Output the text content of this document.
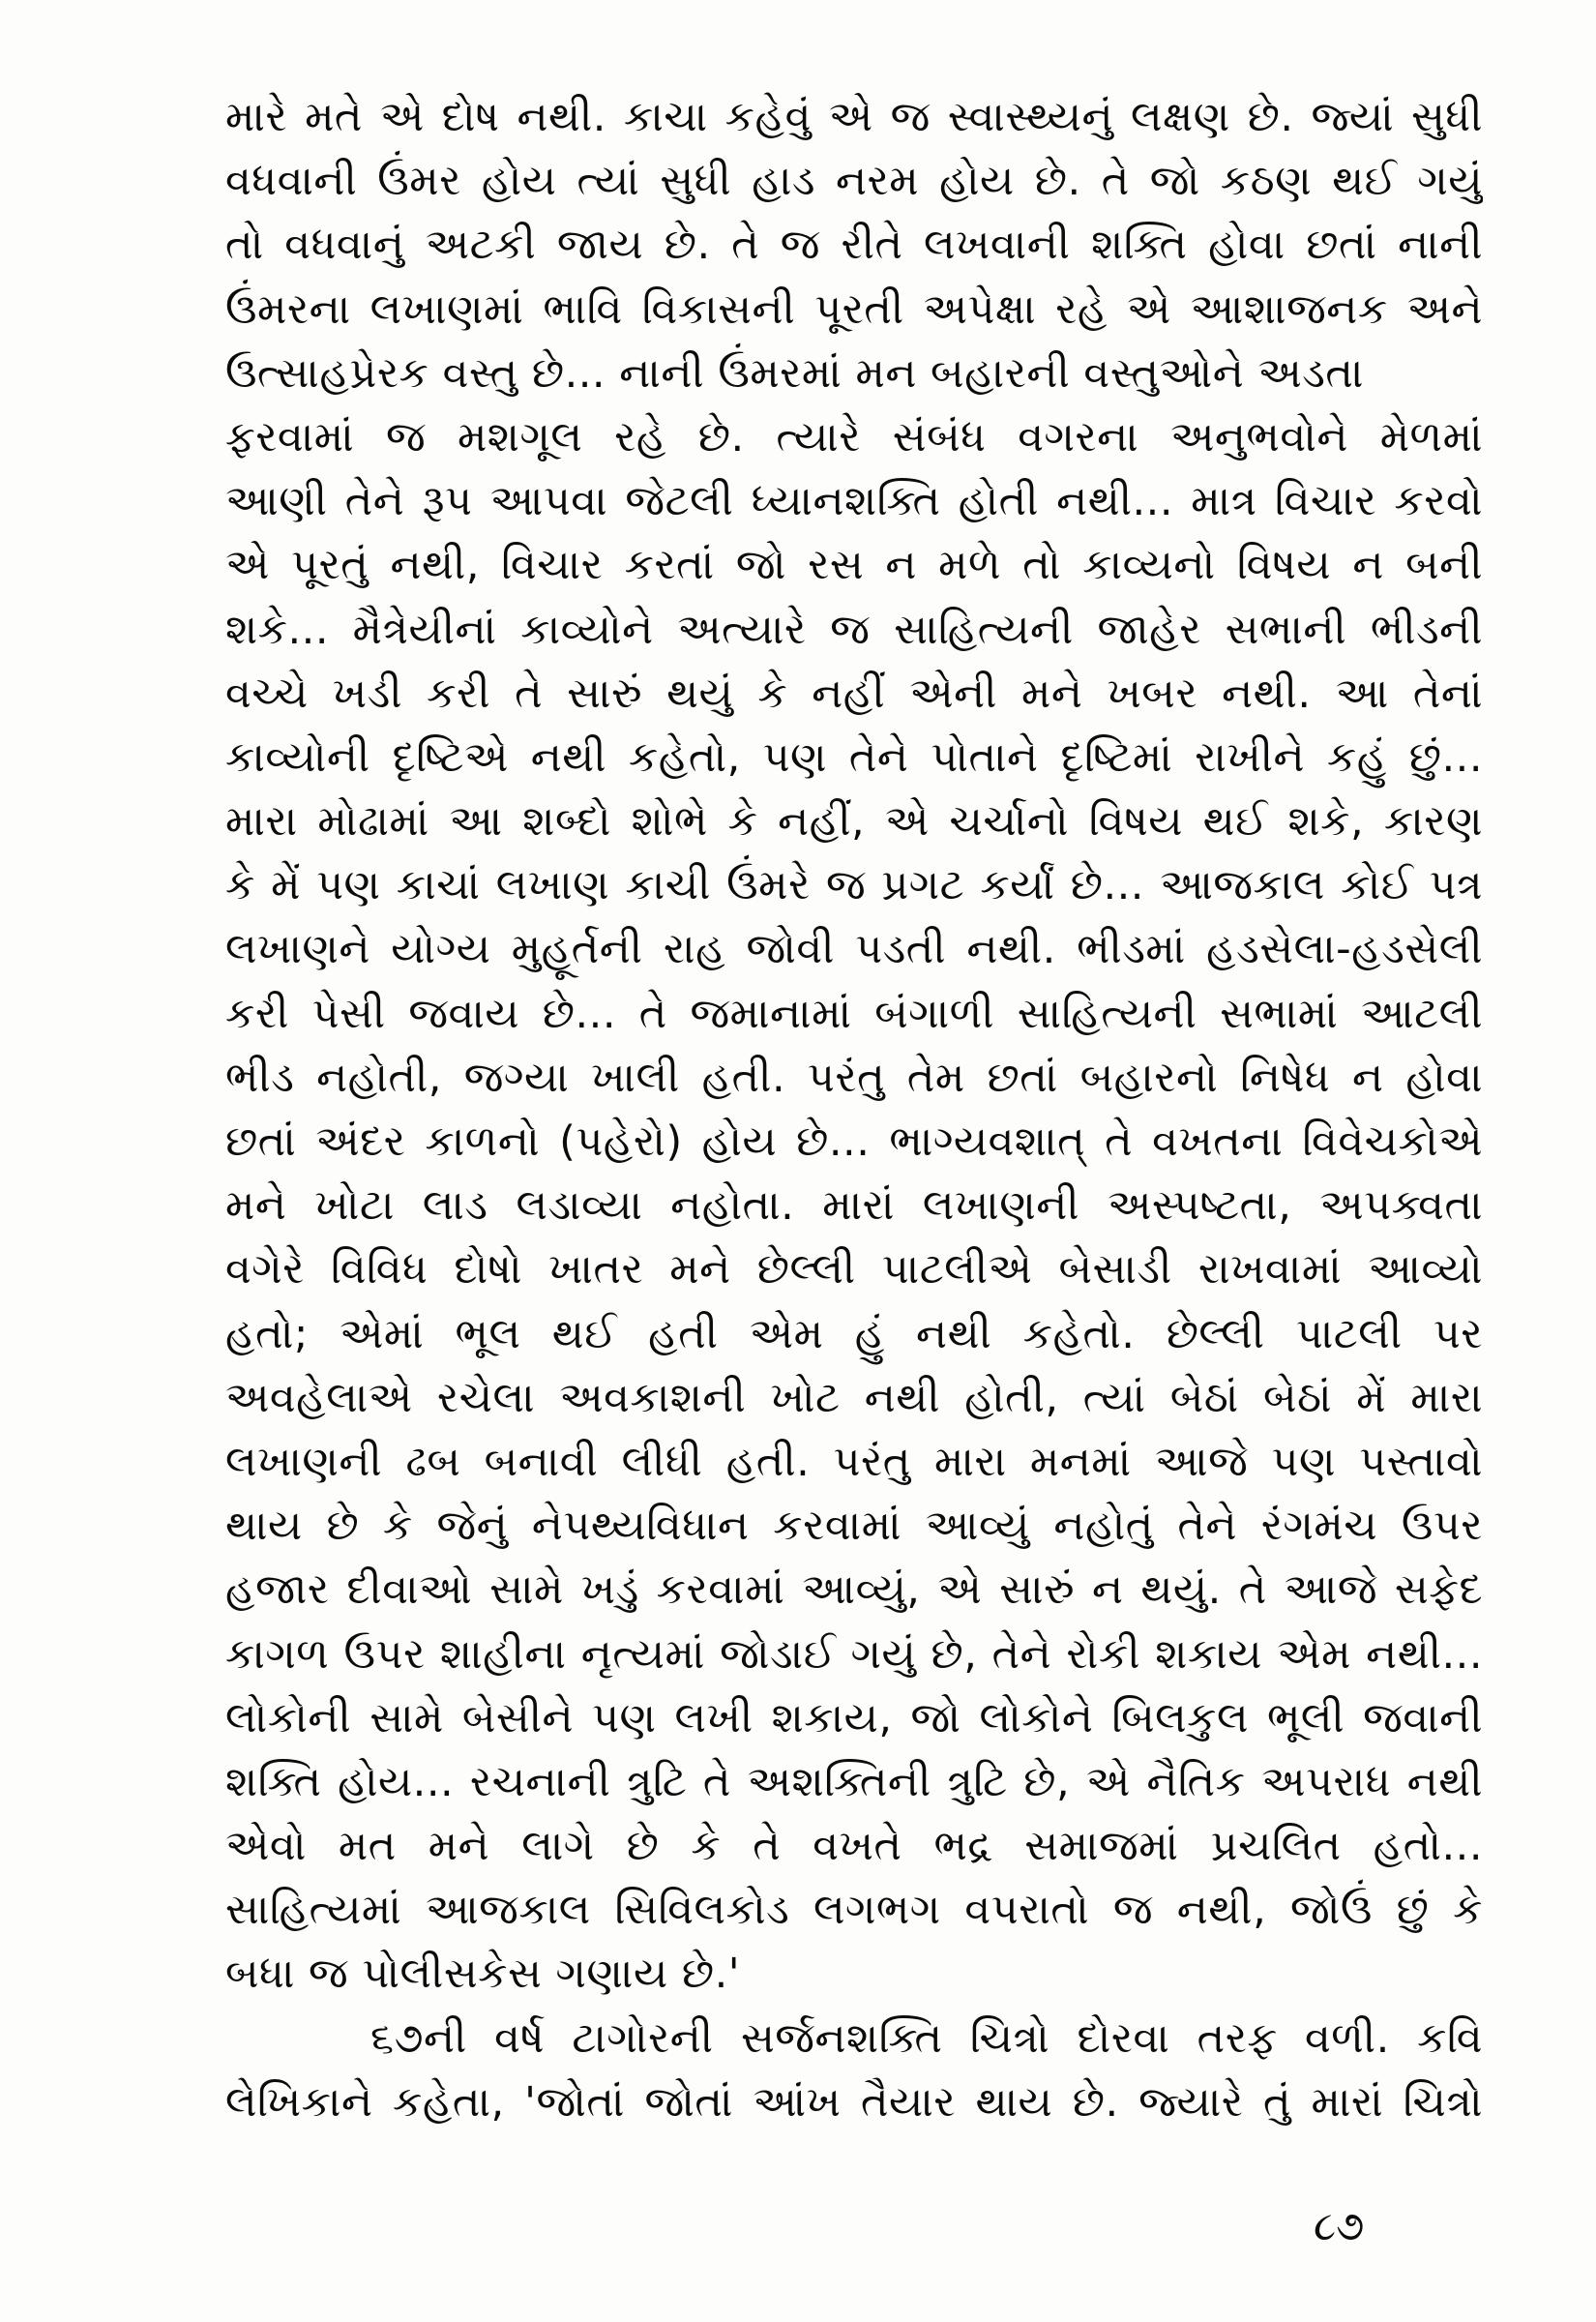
મારે મતે એ દોષ નથી. કાચા કહેવું એ જ સ્વાસ્થ્યનું લક્ષણ છે. જ્યાં સુધી
વધવાની ઉંમર હોય ત્યાં સુધી હાડ નરમ હોય છે. તે જો કઠણ થઈ ગયું
તો વધવાનું અટકી જાય છે. તે જ રીતે લખવાની શક્તિ હોવા છતાં નાની
ઉંમરના લખાણમાં ભાવિ વિકાસની પૂરતી અપેક્ષા રહે એ આશાજનક અને
ઉત્સાહપ્રેરક વસ્તુ છે... નાની ઉંમરમાં મન બહારની વસ્તુઓને અડતા
ફરવામાં જ મશગૂલ રહે છે. ત્યારે સંબંધ વગરના અનુભવોને મેળમાં
આણી તેને રૂપ આપવા જેટલી ધ્યાનશક્તિ હોતી નથી... માત્ર વિચાર કરવો
એ પૂરતું નથી, વિચાર કરતાં જો રસ ન મળે તો કાવ્યનો વિષય ન બની
શકે... મૈત્રેયીનાં કાવ્યોને અત્યારે જ સાહિત્યની જાહેર સભાની ભીડની
વચ્ચે ખડી કરી તે સારું થયું કે નહીં એની મને ખબર નથી. આ તેનાં
કાવ્યોની દૃષ્ટિએ નથી કહેતો, પણ તેને પોતાને દૃષ્ટિમાં રાખીને કહું છું...
મારા મોઢામાં આ શબ્દો શોભે કે નહીં, એ ચર્ચાનો વિષય થઈ શકે, કારણ
કે મેં પણ કાચાં લખાણ કાચી ઉંમરે જ પ્રગટ કર્યાં છે... આજકાલ કોઈ પત્ર
લખાણને યોગ્ય મુહૂર્તની રાહ જોવી પડતી નથી. ભીડમાં હડસેલા-હડસેલી
કરી પેસી જવાય છે... તે જમાનામાં બંગાળી સાહિત્યની સભામાં આટલી
ભીડ નહોતી, જગ્યા ખાલી હતી. પરંતુ તેમ છતાં બહારનો નિષેધ ન હોવા
છતાં અંદર કાળનો (પહેરો) હોય છે... ભાગ્યવશાત્ તે વખતના વિવેચકોએ
મને ખોટા લાડ લડાવ્યા નહોતા. મારાં લખાણની અસ્પષ્ટતા, અપક્વતા
વગેરે વિવિધ દોષો ખાતર મને છેલ્લી પાટલીએ બેસાડી રાખવામાં આવ્યો
હતો; એમાં ભૂલ થઈ હતી એમ હું નથી કહેતો. છેલ્લી પાટલી પર
અવહેલાએ રચેલા અવકાશની ખોટ નથી હોતી, ત્યાં બેઠાં બેઠાં મેં મારા
લખાણની ઢબ બનાવી લીધી હતી. પરંતુ મારા મનમાં આજે પણ પસ્તાવો
થાય છે કે જેનું નેપથ્યવિધાન કરવામાં આવ્યું નહોતું તેને રંગમંચ ઉપર
હજાર દીવાઓ સામે ખડું કરવામાં આવ્યું, એ સારું ન થયું. તે આજે સફેદ
કાગળ ઉપર શાહીના નૃત્યમાં જોડાઈ ગયું છે, તેને રોકી શકાય એમ નથી...
લોકોની સામે બેસીને પણ લખી શકાય, જો લોકોને બિલકુલ ભૂલી જવાની
શક્તિ હોય... રચનાની ત્રુટિ તે અશક્તિની ત્રુટિ છે, એ નૈતિક અપરાધ નથી
એવો મત મને લાગે છે કે તે વખતે ભદ્ર સમાજમાં પ્રચલિત હતો...
સાહિત્યમાં આજકાલ સિવિલકોડ લગભગ વપરાતો જ નથી, જોઉં છું કે
બધા જ પોલીસકેસ ગણાય છે.'
૬૭ની વર્ષ ટાગોરની સર્જનશક્તિ ચિત્રો દોરવા તરફ વળી. કવિ
લેખિકાને કહેતા, 'જોતાં જોતાં આંખ તૈયાર થાય છે. જ્યારે તું મારાં ચિત્રો
૮૭
